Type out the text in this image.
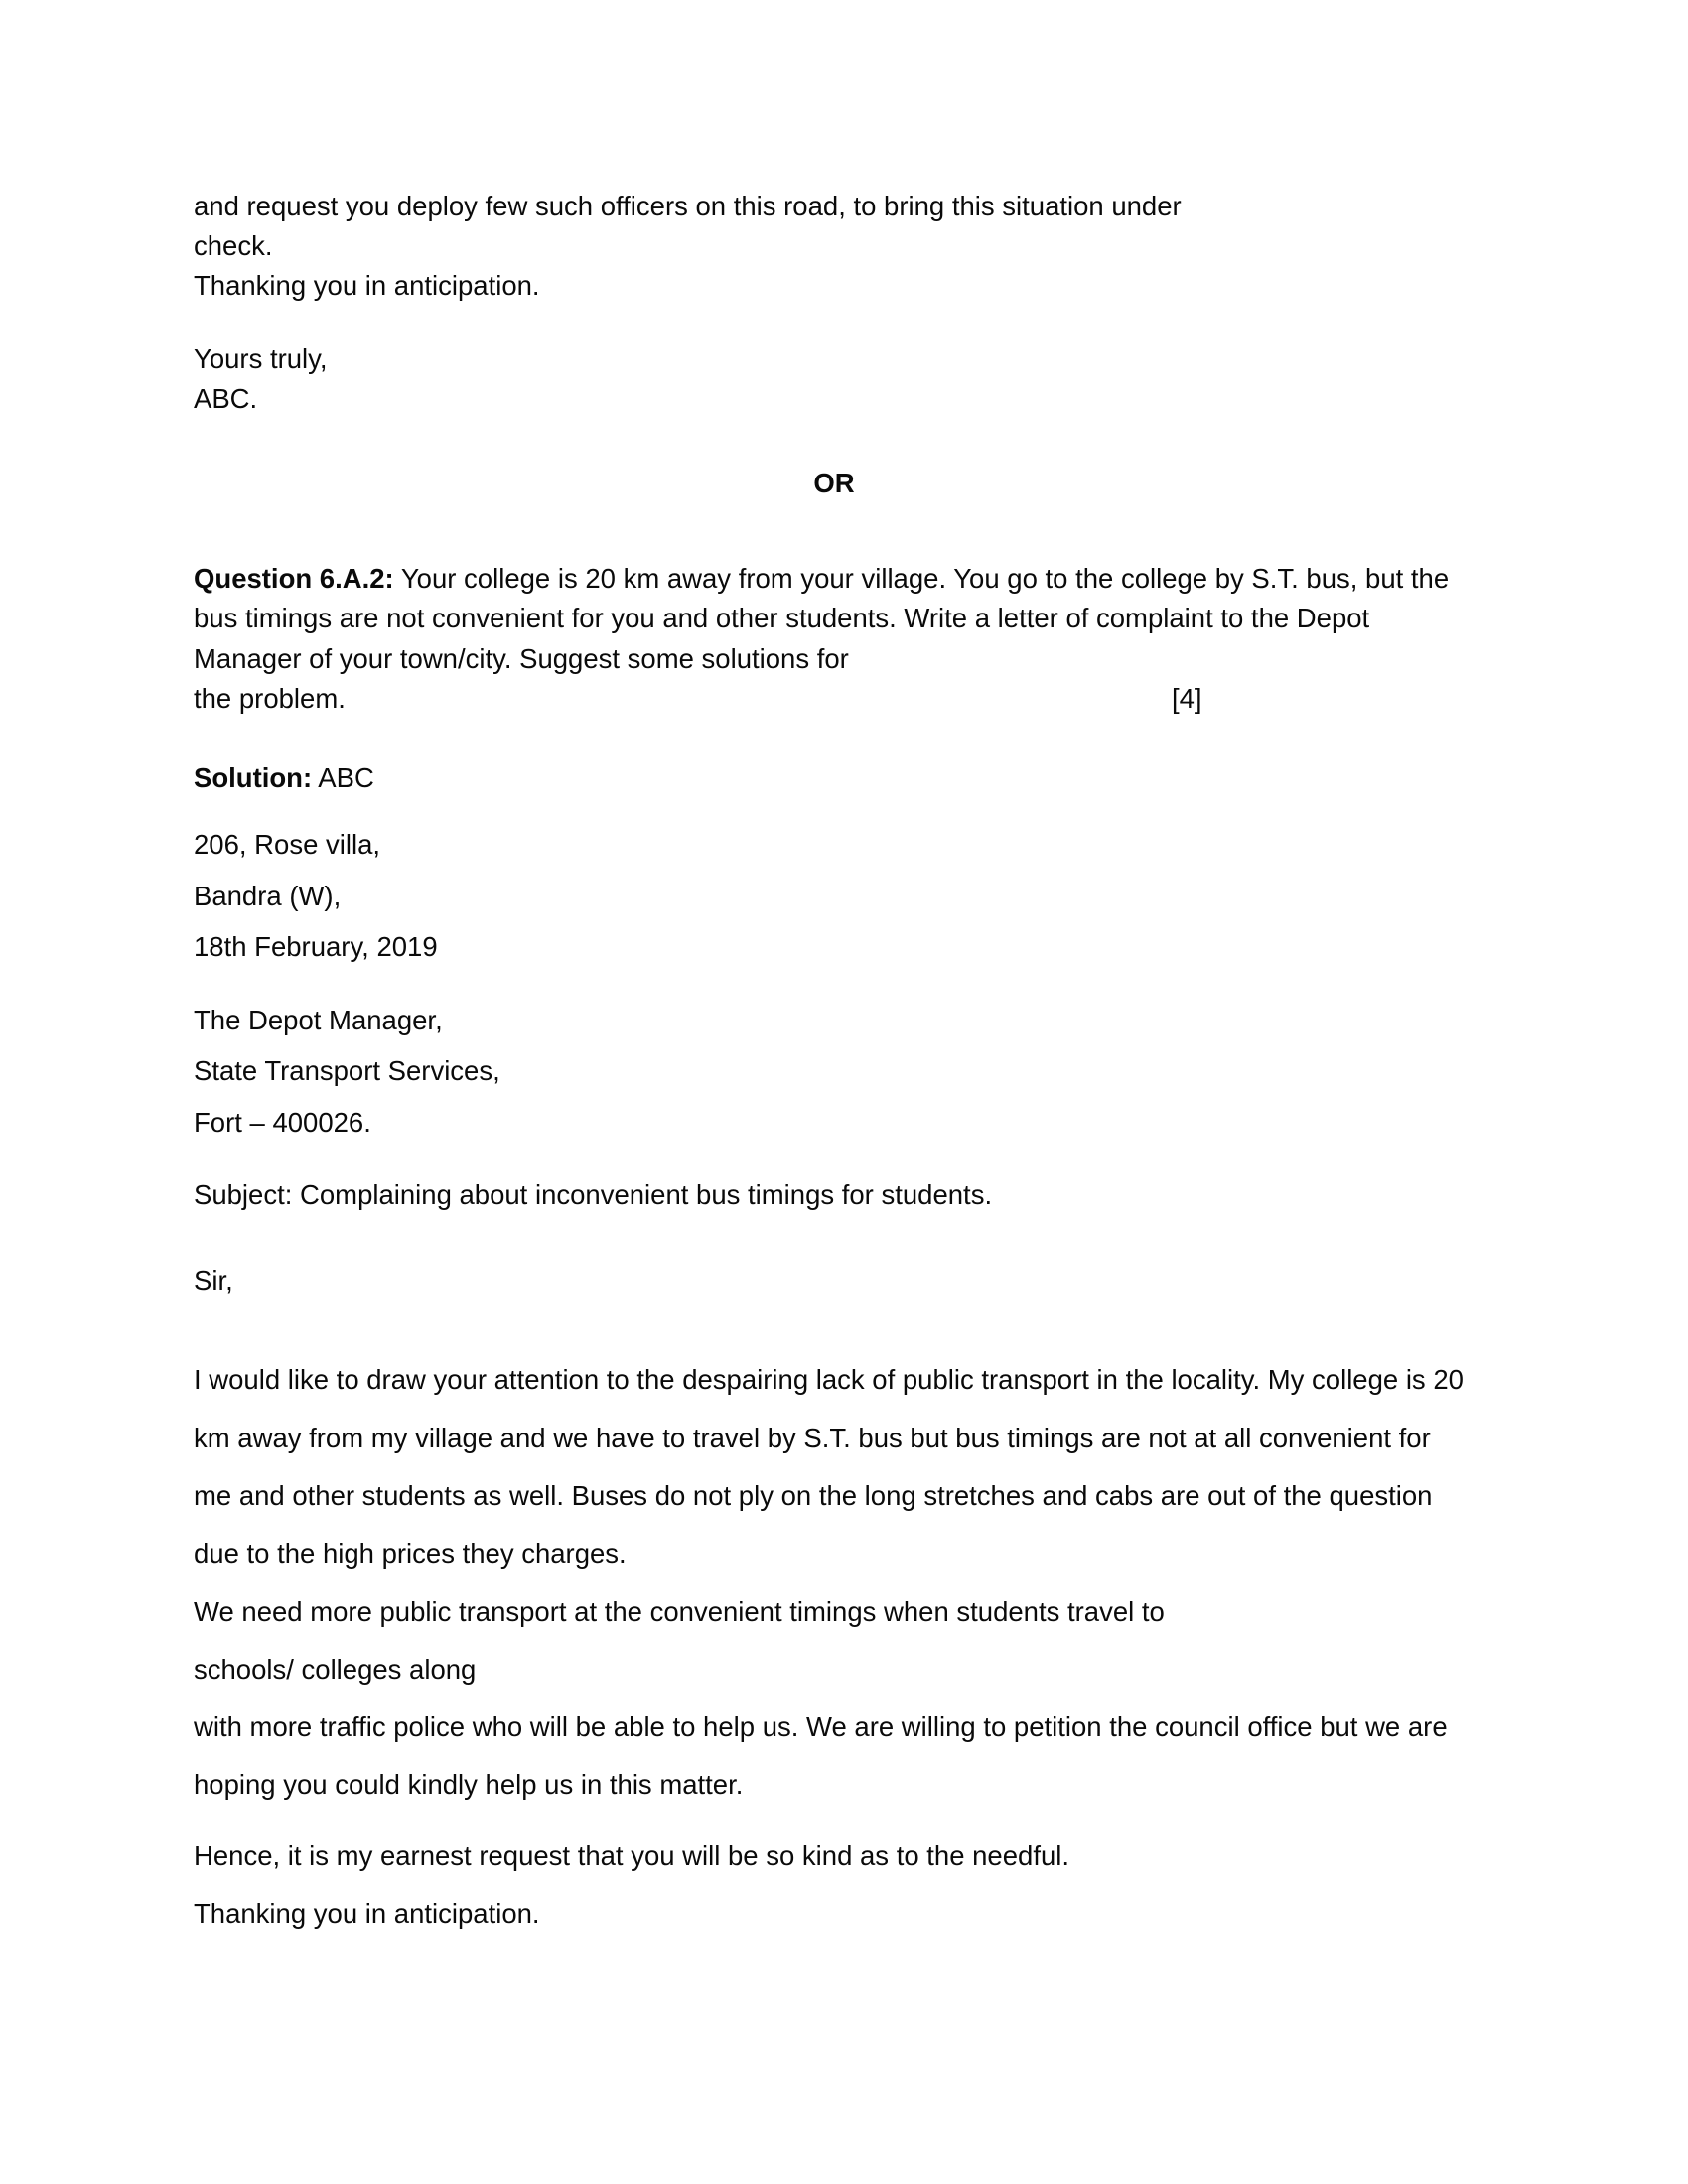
and request you deploy few such officers on this road, to bring this situation under

check.

Thanking you in anticipation.

Yours truly,

ABC.

OR

Question 6.A.2: Your college is 20 km away from your village. You go to the college by S.T. bus, but the bus timings are not convenient for you and other students. Write a letter of complaint to the Depot Manager of your town/city. Suggest some solutions for

the problem.	[4]

Solution: ABC

206, Rose villa,

Bandra (W),

18th February, 2019

The Depot Manager,

State Transport Services,

Fort – 400026.

Subject: Complaining about inconvenient bus timings for students.

Sir,

I would like to draw your attention to the despairing lack of public transport in the locality. My college is 20 km away from my village and we have to travel by S.T. bus but bus timings are not at all convenient for me and other students as well. Buses do not ply on the long stretches and cabs are out of the question due to the high prices they charges.

We need more public transport at the convenient timings when students travel to

schools/ colleges along

with more traffic police who will be able to help us. We are willing to petition the council office but we are hoping you could kindly help us in this matter.

Hence, it is my earnest request that you will be so kind as to the needful.

Thanking you in anticipation.
